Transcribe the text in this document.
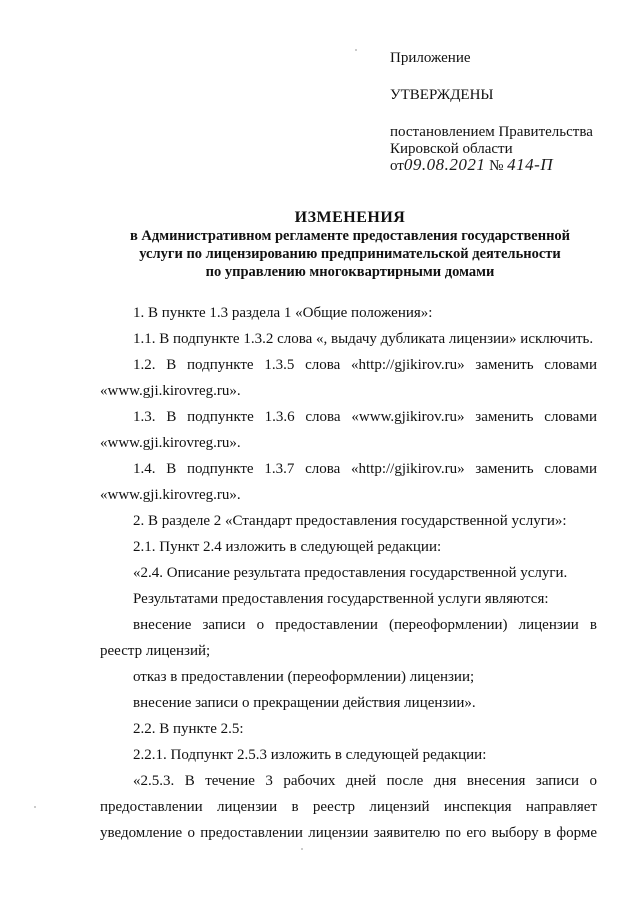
Приложение
УТВЕРЖДЕНЫ
постановлением Правительства
Кировской области
от09.08.2021 № 414-П
ИЗМЕНЕНИЯ
в Административном регламенте предоставления государственной
услуги по лицензированию предпринимательской деятельности
по управлению многоквартирными домами

1. В пункте 1.3 раздела 1 «Общие положения»:

1.1. В подпункте 1.3.2 слова «, выдачу дубликата лицензии» исключить.

1.2. В подпункте 1.3.5 слова «http://gjikirov.ru» заменить словами «www.gji.kirovreg.ru».

1.3. В подпункте 1.3.6 слова «www.gjikirov.ru» заменить словами «www.gji.kirovreg.ru».

1.4. В подпункте 1.3.7 слова «http://gjikirov.ru» заменить словами «www.gji.kirovreg.ru».

2. В разделе 2 «Стандарт предоставления государственной услуги»:

2.1. Пункт 2.4 изложить в следующей редакции:

«2.4. Описание результата предоставления государственной услуги.

Результатами предоставления государственной услуги являются:

внесение записи о предоставлении (переоформлении) лицензии в реестр лицензий;

отказ в предоставлении (переоформлении) лицензии;

внесение записи о прекращении действия лицензии».

2.2. В пункте 2.5:

2.2.1. Подпункт 2.5.3 изложить в следующей редакции:

«2.5.3. В течение 3 рабочих дней после дня внесения записи о предоставлении лицензии в реестр лицензий инспекция направляет уведомление о предоставлении лицензии заявителю по его выбору в форме
